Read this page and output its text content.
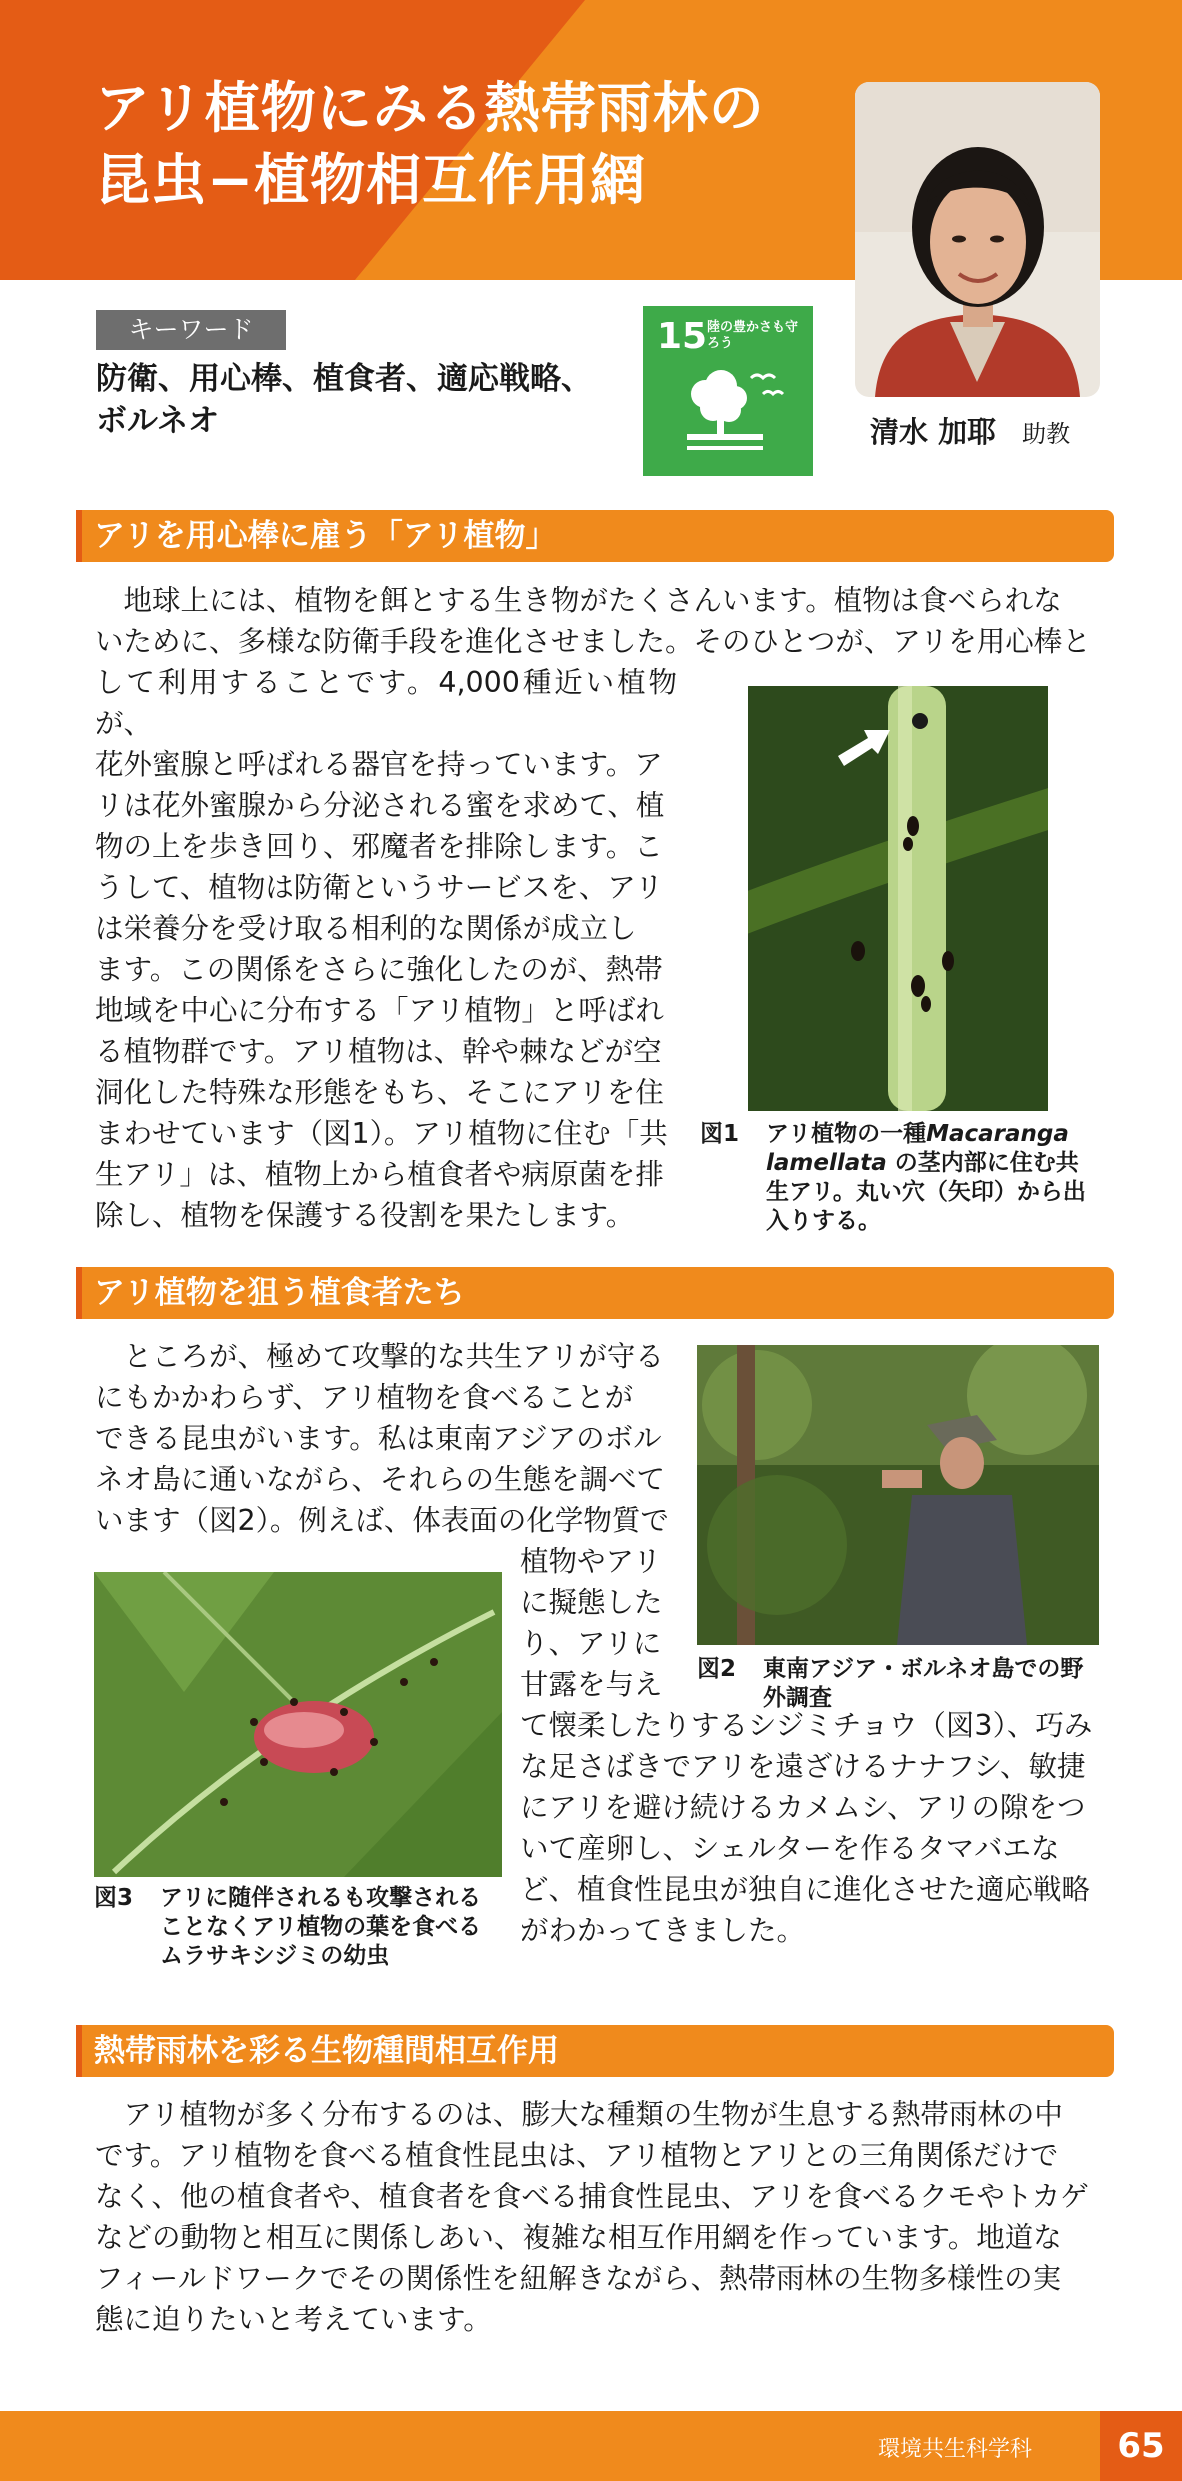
アリ植物にみる熱帯雨林の
昆虫−植物相互作用網
清水 加耶 助教
キーワード
防衛、用心棒、植食者、適応戦略、
ボルネオ
15 陸の豊かさも守ろう
アリを用心棒に雇う「アリ植物」

　地球上には、植物を餌とする生き物がたくさんいます。植物は食べられな

いために、多様な防衛手段を進化させました。そのひとつが、アリを用心棒と

して利用することです。4,000種近い植物が、

花外蜜腺と呼ばれる器官を持っています。ア

リは花外蜜腺から分泌される蜜を求めて、植

物の上を歩き回り、邪魔者を排除します。こ

うして、植物は防衛というサービスを、アリ

は栄養分を受け取る相利的な関係が成立し

ます。この関係をさらに強化したのが、熱帯

地域を中心に分布する「アリ植物」と呼ばれ

る植物群です。アリ植物は、幹や棘などが空

洞化した特殊な形態をもち、そこにアリを住

まわせています（図1）。アリ植物に住む「共

生アリ」は、植物上から植食者や病原菌を排

除し、植物を保護する役割を果たします。

図1 アリ植物の一種Macaranga lamellata の茎内部に住む共生アリ。丸い穴（矢印）から出入りする。
アリ植物を狙う植食者たち

　ところが、極めて攻撃的な共生アリが守る

にもかかわらず、アリ植物を食べることが

できる昆虫がいます。私は東南アジアのボル

ネオ島に通いながら、それらの生態を調べて

います（図2）。例えば、体表面の化学物質で

植物やアリ

に擬態した

り、アリに

甘露を与え

て懐柔したりするシジミチョウ（図3）、巧み

な足さばきでアリを遠ざけるナナフシ、敏捷

にアリを避け続けるカメムシ、アリの隙をつ

いて産卵し、シェルターを作るタマバエな

ど、植食性昆虫が独自に進化させた適応戦略

がわかってきました。

図2 東南アジア・ボルネオ島での野外調査
図3 アリに随伴されるも攻撃されることなくアリ植物の葉を食べるムラサキシジミの幼虫
熱帯雨林を彩る生物種間相互作用

　アリ植物が多く分布するのは、膨大な種類の生物が生息する熱帯雨林の中

です。アリ植物を食べる植食性昆虫は、アリ植物とアリとの三角関係だけで

なく、他の植食者や、植食者を食べる捕食性昆虫、アリを食べるクモやトカゲ

などの動物と相互に関係しあい、複雑な相互作用網を作っています。地道な

フィールドワークでその関係性を紐解きながら、熱帯雨林の生物多様性の実

態に迫りたいと考えています。

環境共生科学科	65
